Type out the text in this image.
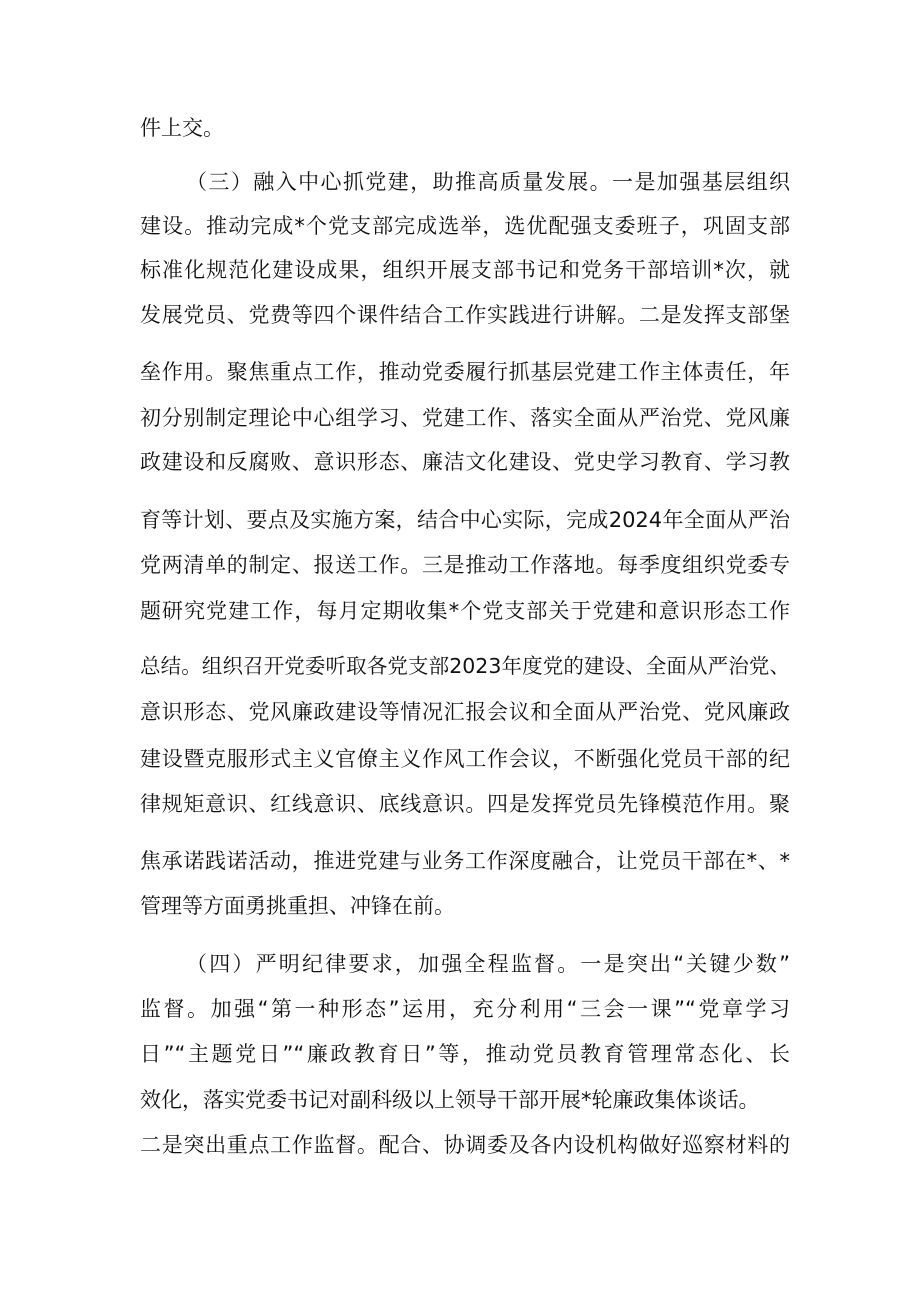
件上交。
（三）融入中心抓党建，助推高质量发展。一是加强基层组织
建设。推动完成*个党支部完成选举，选优配强支委班子，巩固支部
标准化规范化建设成果，组织开展支部书记和党务干部培训*次，就
发展党员、党费等四个课件结合工作实践进行讲解。二是发挥支部堡
垒作用。聚焦重点工作，推动党委履行抓基层党建工作主体责任，年
初分别制定理论中心组学习、党建工作、落实全面从严治党、党风廉
政建设和反腐败、意识形态、廉洁文化建设、党史学习教育、学习教
育等计划、要点及实施方案，结合中心实际，完成2024年全面从严治
党两清单的制定、报送工作。三是推动工作落地。每季度组织党委专
题研究党建工作，每月定期收集*个党支部关于党建和意识形态工作
总结。组织召开党委听取各党支部2023年度党的建设、全面从严治党、
意识形态、党风廉政建设等情况汇报会议和全面从严治党、党风廉政
建设暨克服形式主义官僚主义作风工作会议，不断强化党员干部的纪
律规矩意识、红线意识、底线意识。四是发挥党员先锋模范作用。聚
焦承诺践诺活动，推进党建与业务工作深度融合，让党员干部在*、*
管理等方面勇挑重担、冲锋在前。
（四）严明纪律要求，加强全程监督。一是突出“关键少数”
监督。加强“第一种形态”运用，充分利用“三会一课”“党章学习
日”“主题党日”“廉政教育日”等，推动党员教育管理常态化、长
效化，落实党委书记对副科级以上领导干部开展*轮廉政集体谈话。
二是突出重点工作监督。配合、协调委及各内设机构做好巡察材料的
